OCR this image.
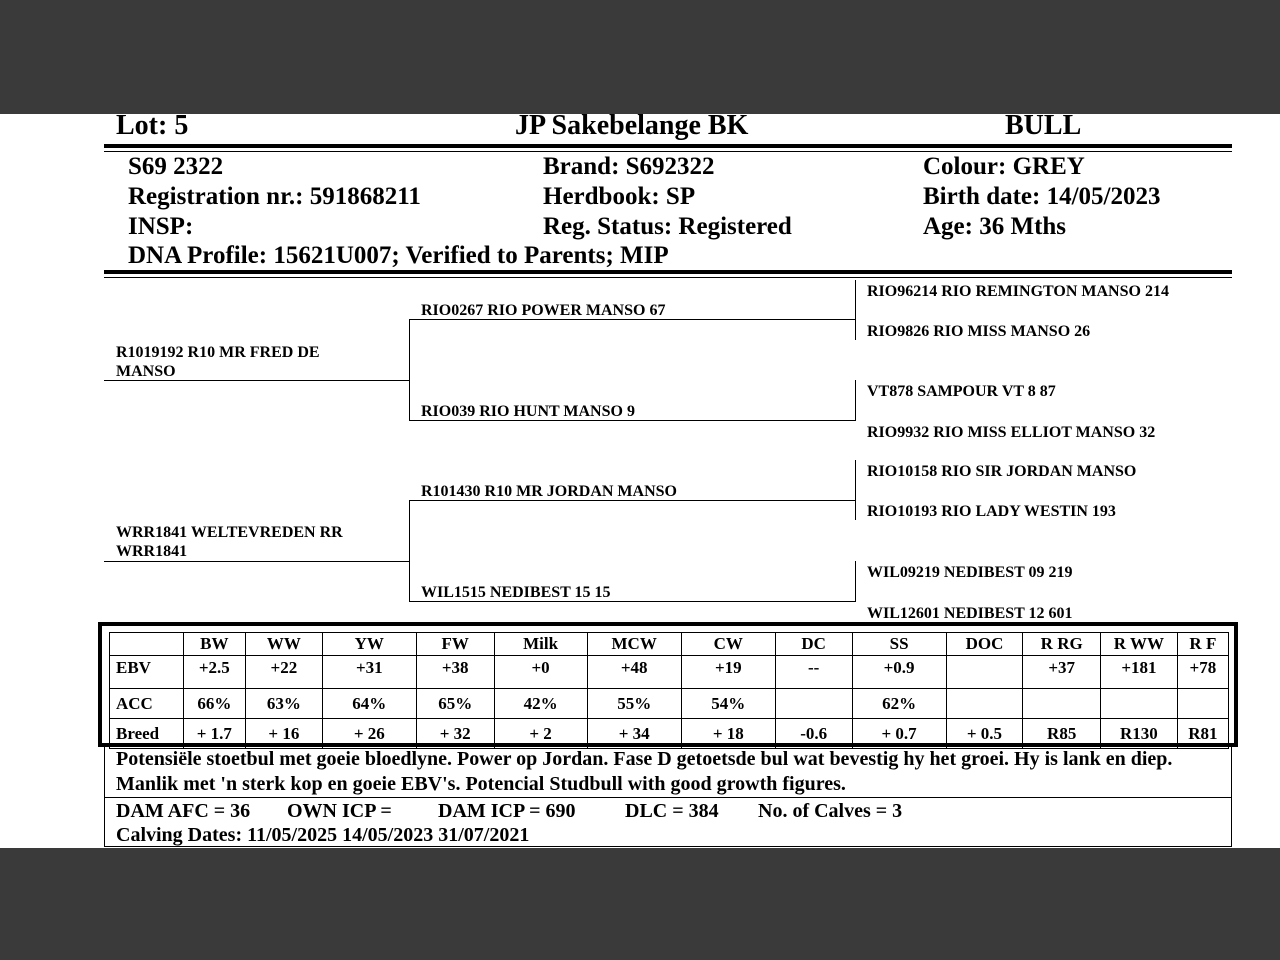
Lot: 5	JP Sakebelange BK	BULL
S69 2322
Registration nr.: 591868211
INSP:
DNA Profile: 15621U007; Verified to Parents; MIP
Brand: S692322
Herdbook: SP
Reg. Status: Registered
Colour: GREY
Birth date: 14/05/2023
Age: 36 Mths
R1019192 R10 MR FRED DE MANSO
WRR1841 WELTEVREDEN RR WRR1841
RIO0267 RIO POWER MANSO 67
RIO039 RIO HUNT MANSO 9
R101430 R10 MR JORDAN MANSO
WIL1515 NEDIBEST 15 15
RIO96214 RIO REMINGTON MANSO 214
RIO9826 RIO MISS MANSO 26
VT878 SAMPOUR VT 8 87
RIO9932 RIO MISS ELLIOT MANSO 32
RIO10158 RIO SIR JORDAN MANSO
RIO10193 RIO LADY WESTIN 193
WIL09219 NEDIBEST 09 219
WIL12601 NEDIBEST 12 601
	BW	WW	YW	FW	Milk	MCW	CW	DC	SS	DOC	R RG	R WW	R F
EBV	+2.5	+22	+31	+38	+0	+48	+19	--	+0.9		+37	+181	+78
ACC	66%	63%	64%	65%	42%	55%	54%		62%				
Breed	+ 1.7	+ 16	+ 26	+ 32	+ 2	+ 34	+ 18	-0.6	+ 0.7	+ 0.5	R85	R130	R81
Potensiële stoetbul met goeie bloedlyne. Power op Jordan. Fase D getoetsde bul wat bevestig hy het groei. Hy is lank en diep. Manlik met 'n sterk kop en goeie EBV's. Potencial Studbull with good growth figures.
DAM AFC = 36 OWN ICP = DAM ICP = 690 DLC = 384 No. of Calves = 3
Calving Dates: 11/05/2025 14/05/2023 31/07/2021
